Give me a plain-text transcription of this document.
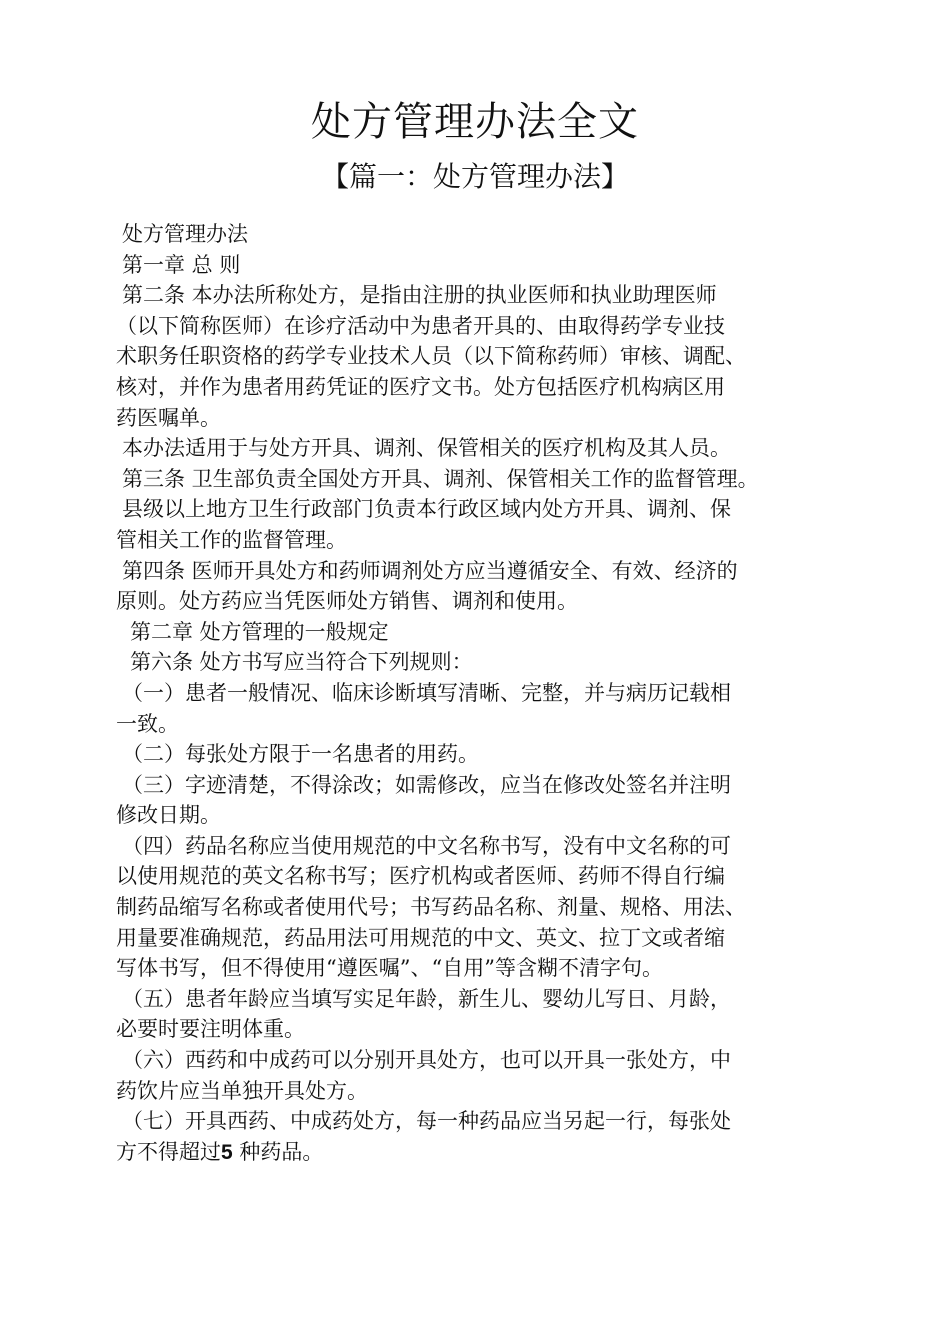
处方管理办法全文
【篇一：处方管理办法】
处方管理办法
第一章 总 则
第二条 本办法所称处方，是指由注册的执业医师和执业助理医师
（以下简称医师）在诊疗活动中为患者开具的、由取得药学专业技
术职务任职资格的药学专业技术人员（以下简称药师）审核、调配、
核对，并作为患者用药凭证的医疗文书。处方包括医疗机构病区用
药医嘱单。
本办法适用于与处方开具、调剂、保管相关的医疗机构及其人员。
第三条 卫生部负责全国处方开具、调剂、保管相关工作的监督管理。
县级以上地方卫生行政部门负责本行政区域内处方开具、调剂、保
管相关工作的监督管理。
第四条 医师开具处方和药师调剂处方应当遵循安全、有效、经济的
原则。处方药应当凭医师处方销售、调剂和使用。
第二章 处方管理的一般规定
第六条 处方书写应当符合下列规则：
（一）患者一般情况、临床诊断填写清晰、完整，并与病历记载相
一致。
（二）每张处方限于一名患者的用药。
（三）字迹清楚，不得涂改；如需修改，应当在修改处签名并注明
修改日期。
（四）药品名称应当使用规范的中文名称书写，没有中文名称的可
以使用规范的英文名称书写；医疗机构或者医师、药师不得自行编
制药品缩写名称或者使用代号；书写药品名称、剂量、规格、用法、
用量要准确规范，药品用法可用规范的中文、英文、拉丁文或者缩
写体书写，但不得使用“遵医嘱”、“自用”等含糊不清字句。
（五）患者年龄应当填写实足年龄，新生儿、婴幼儿写日、月龄，
必要时要注明体重。
（六）西药和中成药可以分别开具处方，也可以开具一张处方，中
药饮片应当单独开具处方。
（七）开具西药、中成药处方，每一种药品应当另起一行，每张处
方不得超过5 种药品。
